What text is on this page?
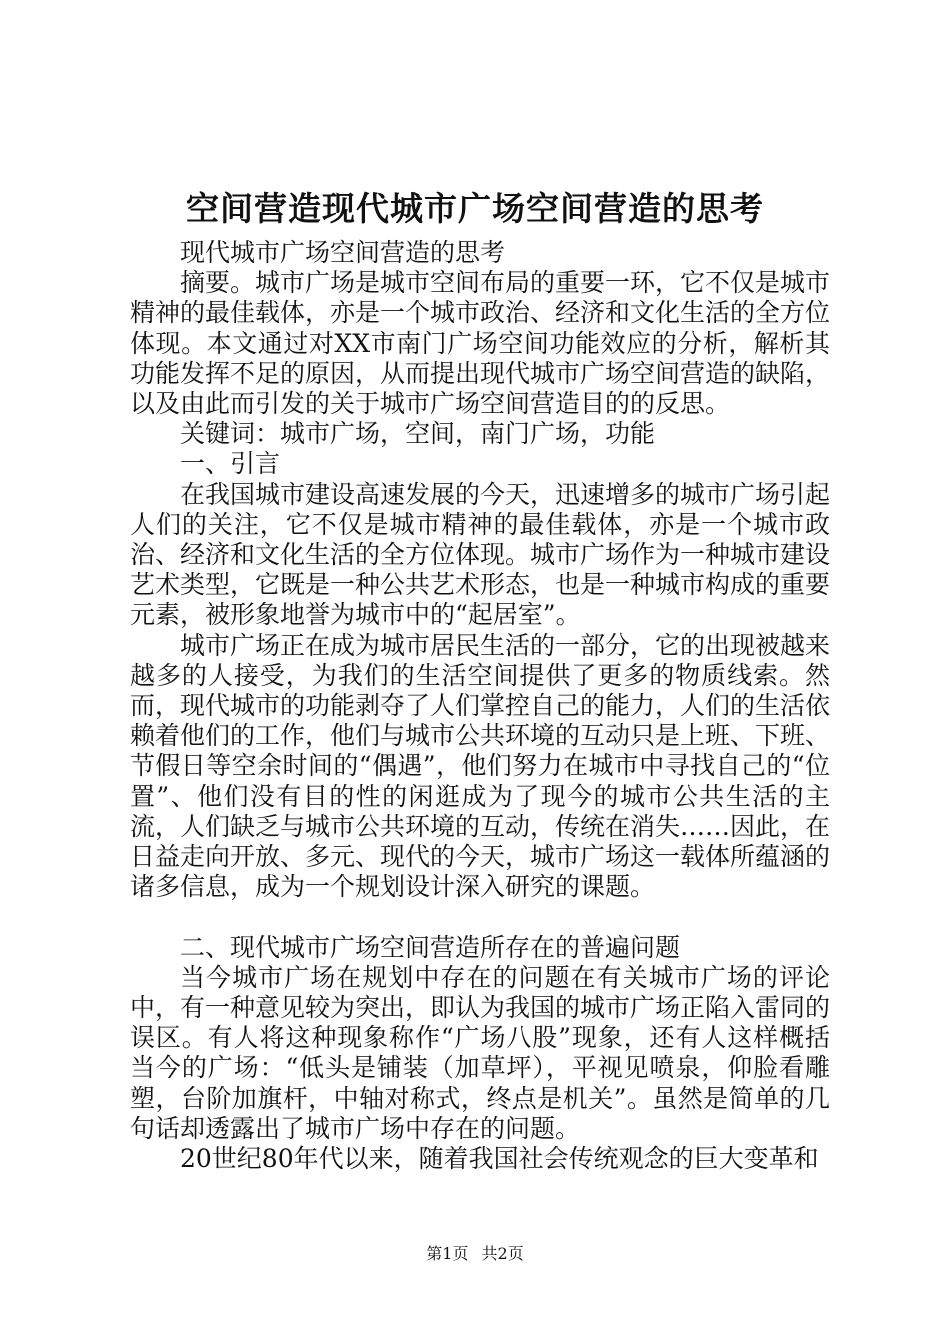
空间营造现代城市广场空间营造的思考

现代城市广场空间营造的思考

摘要。城市广场是城市空间布局的重要一环，它不仅是城市精神的最佳载体，亦是一个城市政治、经济和文化生活的全方位体现。本文通过对XX市南门广场空间功能效应的分析，解析其功能发挥不足的原因，从而提出现代城市广场空间营造的缺陷，以及由此而引发的关于城市广场空间营造目的的反思。

关键词：城市广场，空间，南门广场，功能

一、引言

在我国城市建设高速发展的今天，迅速增多的城市广场引起人们的关注，它不仅是城市精神的最佳载体，亦是一个城市政治、经济和文化生活的全方位体现。城市广场作为一种城市建设艺术类型，它既是一种公共艺术形态，也是一种城市构成的重要元素，被形象地誉为城市中的“起居室”。

城市广场正在成为城市居民生活的一部分，它的出现被越来越多的人接受，为我们的生活空间提供了更多的物质线索。然而，现代城市的功能剥夺了人们掌控自己的能力，人们的生活依赖着他们的工作，他们与城市公共环境的互动只是上班、下班、节假日等空余时间的“偶遇”，他们努力在城市中寻找自己的“位置”、他们没有目的性的闲逛成为了现今的城市公共生活的主流，人们缺乏与城市公共环境的互动，传统在消失……因此，在日益走向开放、多元、现代的今天，城市广场这一载体所蕴涵的诸多信息，成为一个规划设计深入研究的课题。

二、现代城市广场空间营造所存在的普遍问题

当今城市广场在规划中存在的问题在有关城市广场的评论中，有一种意见较为突出，即认为我国的城市广场正陷入雷同的误区。有人将这种现象称作“广场八股”现象，还有人这样概括当今的广场：“低头是铺装（加草坪），平视见喷泉，仰脸看雕塑，台阶加旗杆，中轴对称式，终点是机关”。虽然是简单的几句话却透露出了城市广场中存在的问题。

20世纪80年代以来，随着我国社会传统观念的巨大变革和

第1页 共2页
